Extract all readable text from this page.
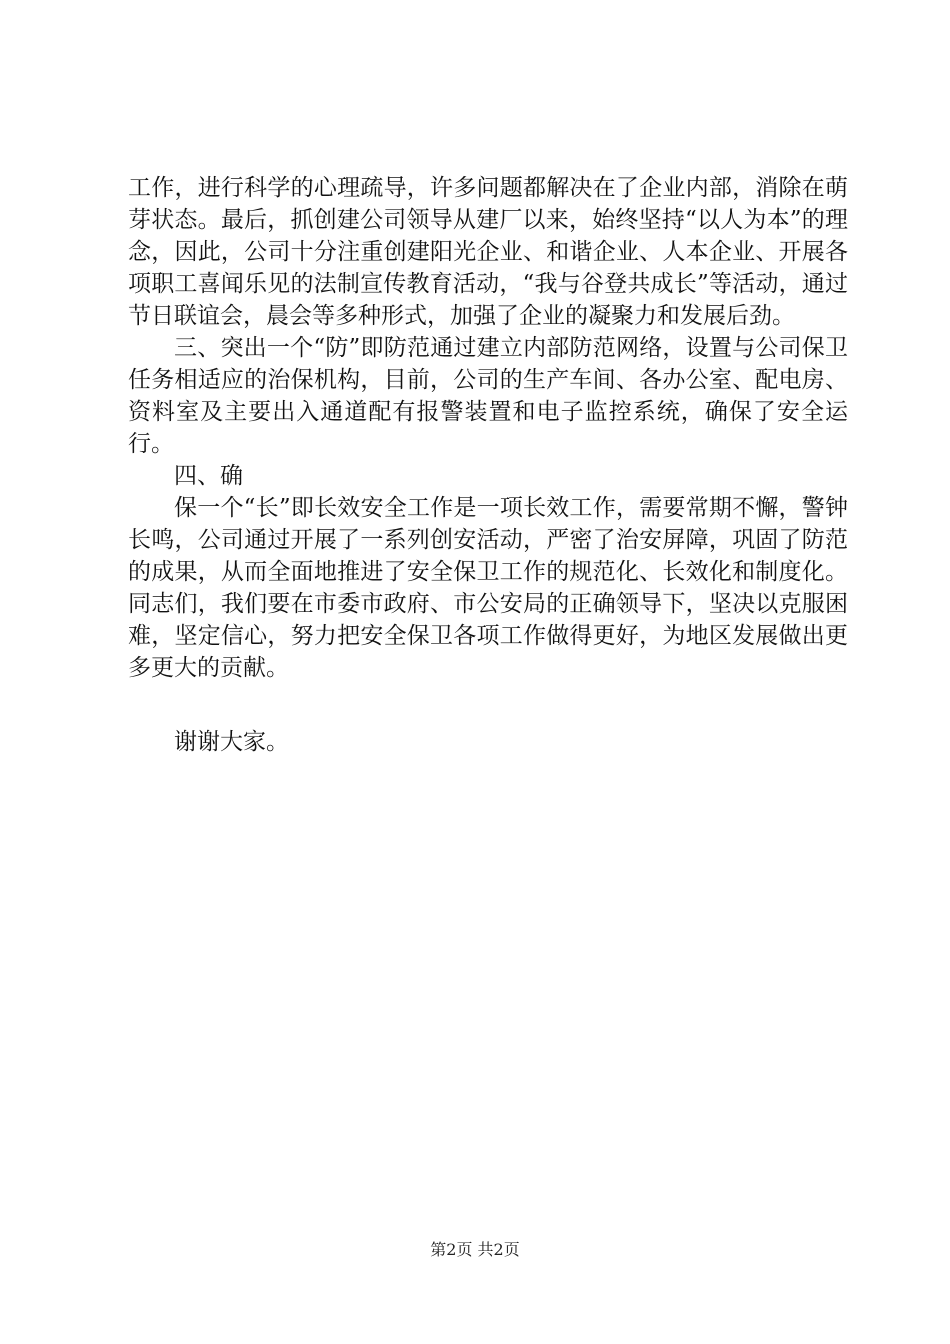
工作，进行科学的心理疏导，许多问题都解决在了企业内部，消除在萌芽状态。最后，抓创建公司领导从建厂以来，始终坚持“以人为本”的理念，因此，公司十分注重创建阳光企业、和谐企业、人本企业、开展各项职工喜闻乐见的法制宣传教育活动，“我与谷登共成长”等活动，通过节日联谊会，晨会等多种形式，加强了企业的凝聚力和发展后劲。

三、突出一个“防”即防范通过建立内部防范网络，设置与公司保卫任务相适应的治保机构，目前，公司的生产车间、各办公室、配电房、资料室及主要出入通道配有报警装置和电子监控系统，确保了安全运行。

四、确

保一个“长”即长效安全工作是一项长效工作，需要常期不懈，警钟长鸣，公司通过开展了一系列创安活动，严密了治安屏障，巩固了防范的成果，从而全面地推进了安全保卫工作的规范化、长效化和制度化。同志们，我们要在市委市政府、市公安局的正确领导下，坚决以克服困难，坚定信心，努力把安全保卫各项工作做得更好，为地区发展做出更多更大的贡献。

谢谢大家。

第2页 共2页
